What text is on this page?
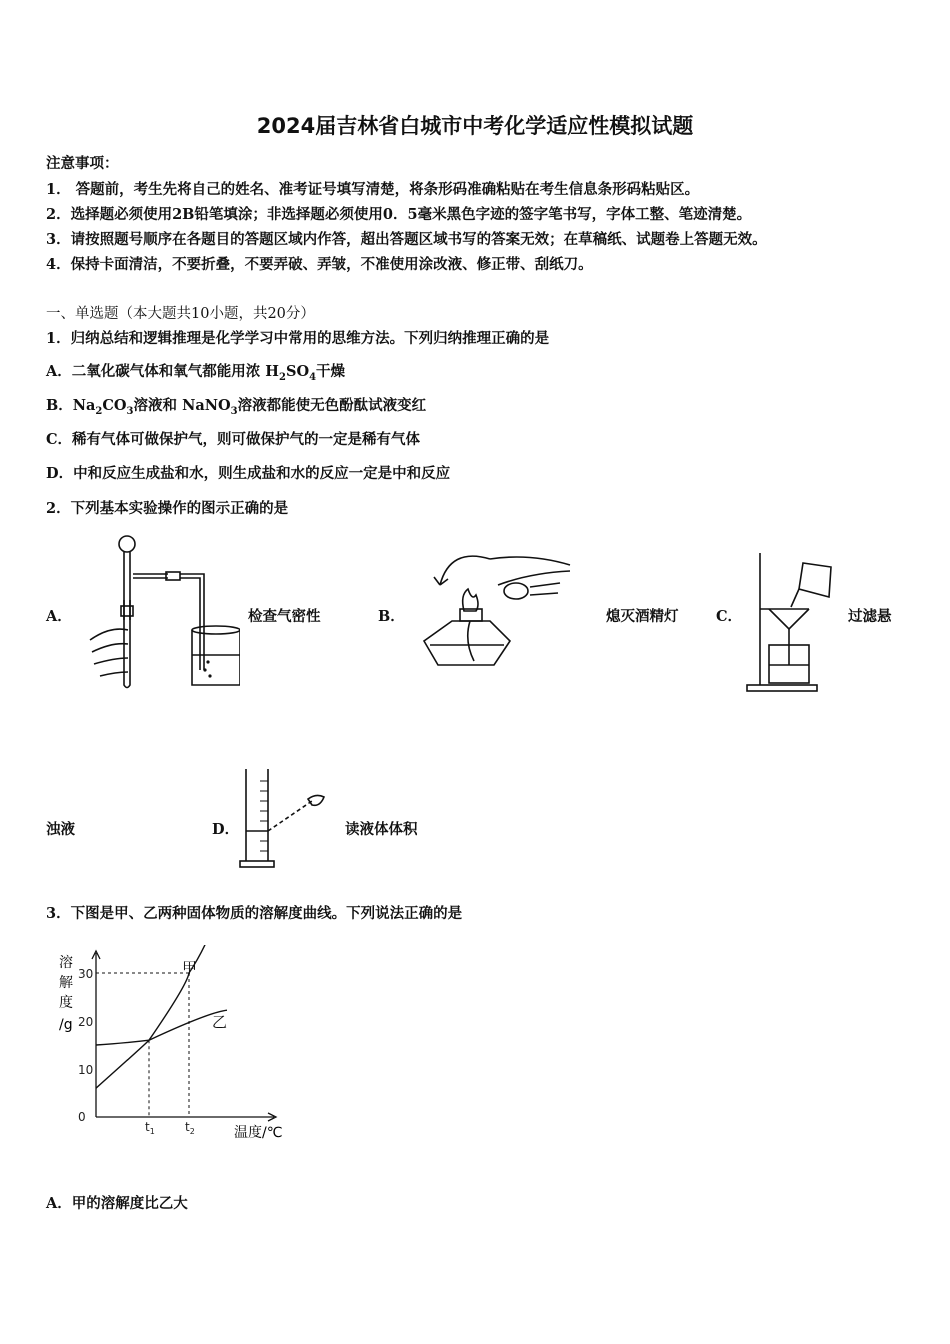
2024届吉林省白城市中考化学适应性模拟试题
注意事项：
1． 答题前，考生先将自己的姓名、准考证号填写清楚，将条形码准确粘贴在考生信息条形码粘贴区。
2．选择题必须使用2B铅笔填涂；非选择题必须使用0．5毫米黑色字迹的签字笔书写，字体工整、笔迹清楚。
3．请按照题号顺序在各题目的答题区域内作答，超出答题区域书写的答案无效；在草稿纸、试题卷上答题无效。
4．保持卡面清洁，不要折叠，不要弄破、弄皱，不准使用涂改液、修正带、刮纸刀。
一、单选题（本大题共10小题，共20分）
1．归纳总结和逻辑推理是化学学习中常用的思维方法。下列归纳推理正确的是
A．二氧化碳气体和氧气都能用浓 $H_2SO_4$干燥
B．$Na_2CO_3$溶液和 NaNO$_3$溶液都能使无色酚酞试液变红
C．稀有气体可做保护气，则可做保护气的一定是稀有气体
D．中和反应生成盐和水，则生成盐和水的反应一定是中和反应
2．下列基本实验操作的图示正确的是
A．	检查气密性	B．	熄灭酒精灯	C．	过滤悬
浊液	D．	读液体体积
3．下图是甲、乙两种固体物质的溶解度曲线。下列说法正确的是
30
20
10
0
$t_1$	$t_2$
甲
乙
溶
解
度
/g
温度/℃
A．甲的溶解度比乙大
